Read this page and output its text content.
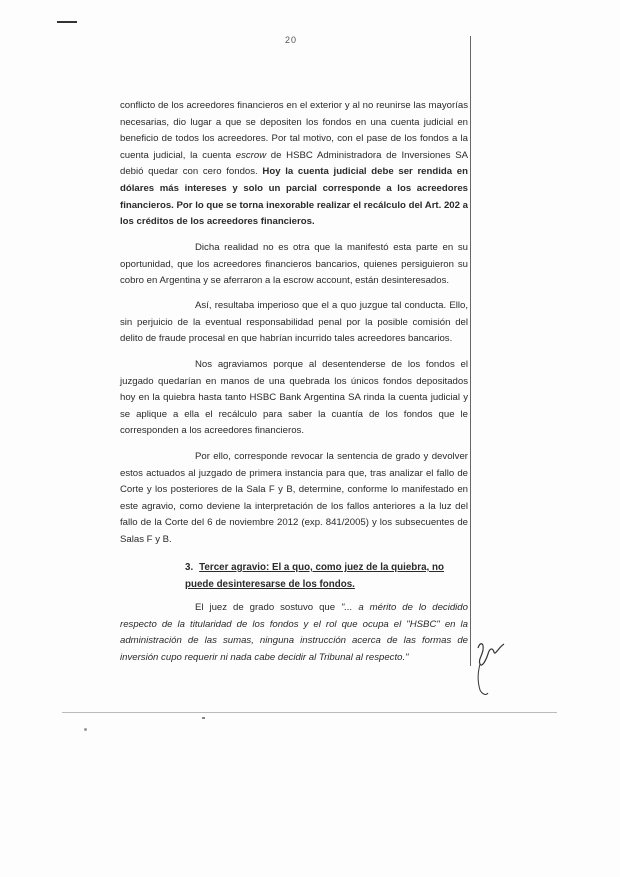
20

conflicto de los acreedores financieros en el exterior y al no reunirse las mayorías necesarias, dio lugar a que se depositen los fondos en una cuenta judicial en beneficio de todos los acreedores. Por tal motivo, con el pase de los fondos a la cuenta judicial, la cuenta escrow de HSBC Administradora de Inversiones SA debió quedar con cero fondos. Hoy la cuenta judicial debe ser rendida en dólares más intereses y solo un parcial corresponde a los acreedores financieros. Por lo que se torna inexorable realizar el recálculo del Art. 202 a los créditos de los acreedores financieros.

Dicha realidad no es otra que la manifestó esta parte en su oportunidad, que los acreedores financieros bancarios, quienes persiguieron su cobro en Argentina y se aferraron a la escrow account, están desinteresados.

Así, resultaba imperioso que el a quo juzgue tal conducta. Ello, sin perjuicio de la eventual responsabilidad penal por la posible comisión del delito de fraude procesal en que habrían incurrido tales acreedores bancarios.

Nos agraviamos porque al desentenderse de los fondos el juzgado quedarían en manos de una quebrada los únicos fondos depositados hoy en la quiebra hasta tanto HSBC Bank Argentina SA rinda la cuenta judicial y se aplique a ella el recálculo para saber la cuantía de los fondos que le corresponden a los acreedores financieros.

Por ello, corresponde revocar la sentencia de grado y devolver estos actuados al juzgado de primera instancia para que, tras analizar el fallo de Corte y los posteriores de la Sala F y B, determine, conforme lo manifestado en este agravio, como deviene la interpretación de los fallos anteriores a la luz del fallo de la Corte del 6 de noviembre 2012 (exp. 841/2005) y los subsecuentes de Salas F y B.

3. Tercer agravio: El a quo, como juez de la quiebra, no puede desinteresarse de los fondos.

El juez de grado sostuvo que "... a mérito de lo decidido respecto de la titularidad de los fondos y el rol que ocupa el "HSBC" en la administración de las sumas, ninguna instrucción acerca de las formas de inversión cupo requerir ni nada cabe decidir al Tribunal al respecto."
